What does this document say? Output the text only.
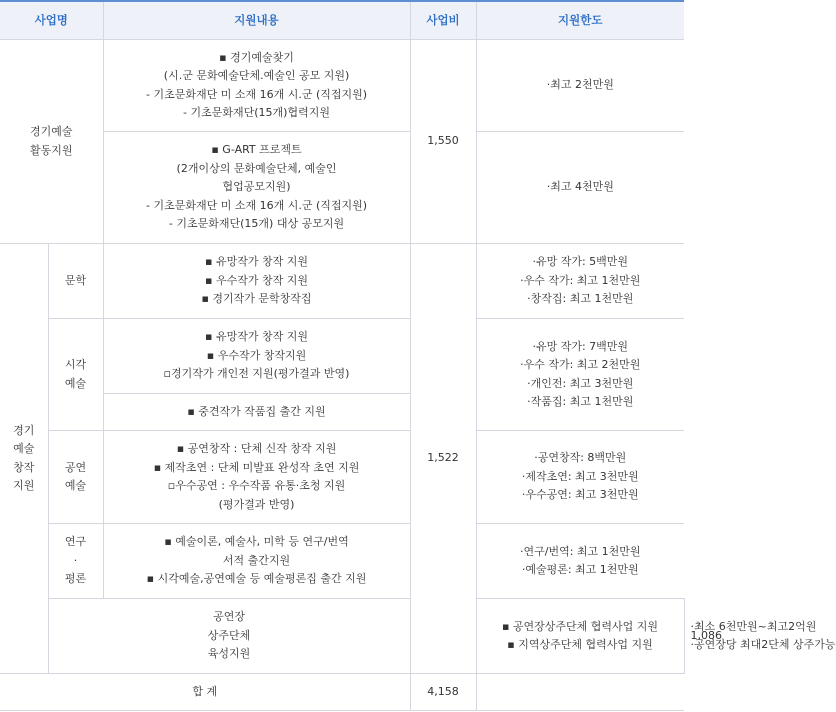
사업명		지원내용	사업비	지원한도	

경기예술
활동지원		▪ 경기예술찾기
(시.군 문화예술단체.예술인 공모 지원)
- 기초문화재단 미 소재 16개 시.군 (직접지원)
- 기초문화재단(15개)협력지원	1,550	·최고 2천만원	

		▪ G-ART 프로젝트
(2개이상의 문화예술단체, 예술인
협업공모지원)
- 기초문화재단 미 소재 16개 시.군 (직접지원)
- 기초문화재단(15개) 대상 공모지원		·최고 4천만원	

경기
예술
창작
지원	문학	▪ 유망작가 창작 지원
▪ 우수작가 창작 지원
▪ 경기작가 문학창작집	1,522	·유망 작가: 5백만원
·우수 작가: 최고 1천만원
·창작집: 최고 1천만원	

	시각
예술	▪ 유망작가 창작 지원
▪ 우수작가 창작지원
▫경기작가 개인전 지원(평가결과 반영)		·유망 작가: 7백만원
·우수 작가: 최고 2천만원
·개인전: 최고 3천만원
·작품집: 최고 1천만원	

		▪ 중견작가 작품집 출간 지원			

	공연
예술	▪ 공연창작 : 단체 신작 창작 지원
▪ 제작초연 : 단체 미발표 완성작 초연 지원
▫우수공연 : 우수작품 유통·초청 지원
(평가결과 반영)		·공연창작: 8백만원
·제작초연: 최고 3천만원
·우수공연: 최고 3천만원	

	연구
·
평론	▪ 예술이론, 예술사, 미학 등 연구/번역
서적 출간지원
▪ 시각예술,공연예술 등 예술평론집 출간 지원		·연구/번역: 최고 1천만원
·예술평론: 최고 1천만원	

	공연장
상주단체
육성지원			▪ 공연장상주단체 협력사업 지원
▪ 지역상주단체 협력사업 지원	1,086	·최소 6천만원~최고2억원
·공연장당 최대2단체 상주가능

합 계			4,158		
